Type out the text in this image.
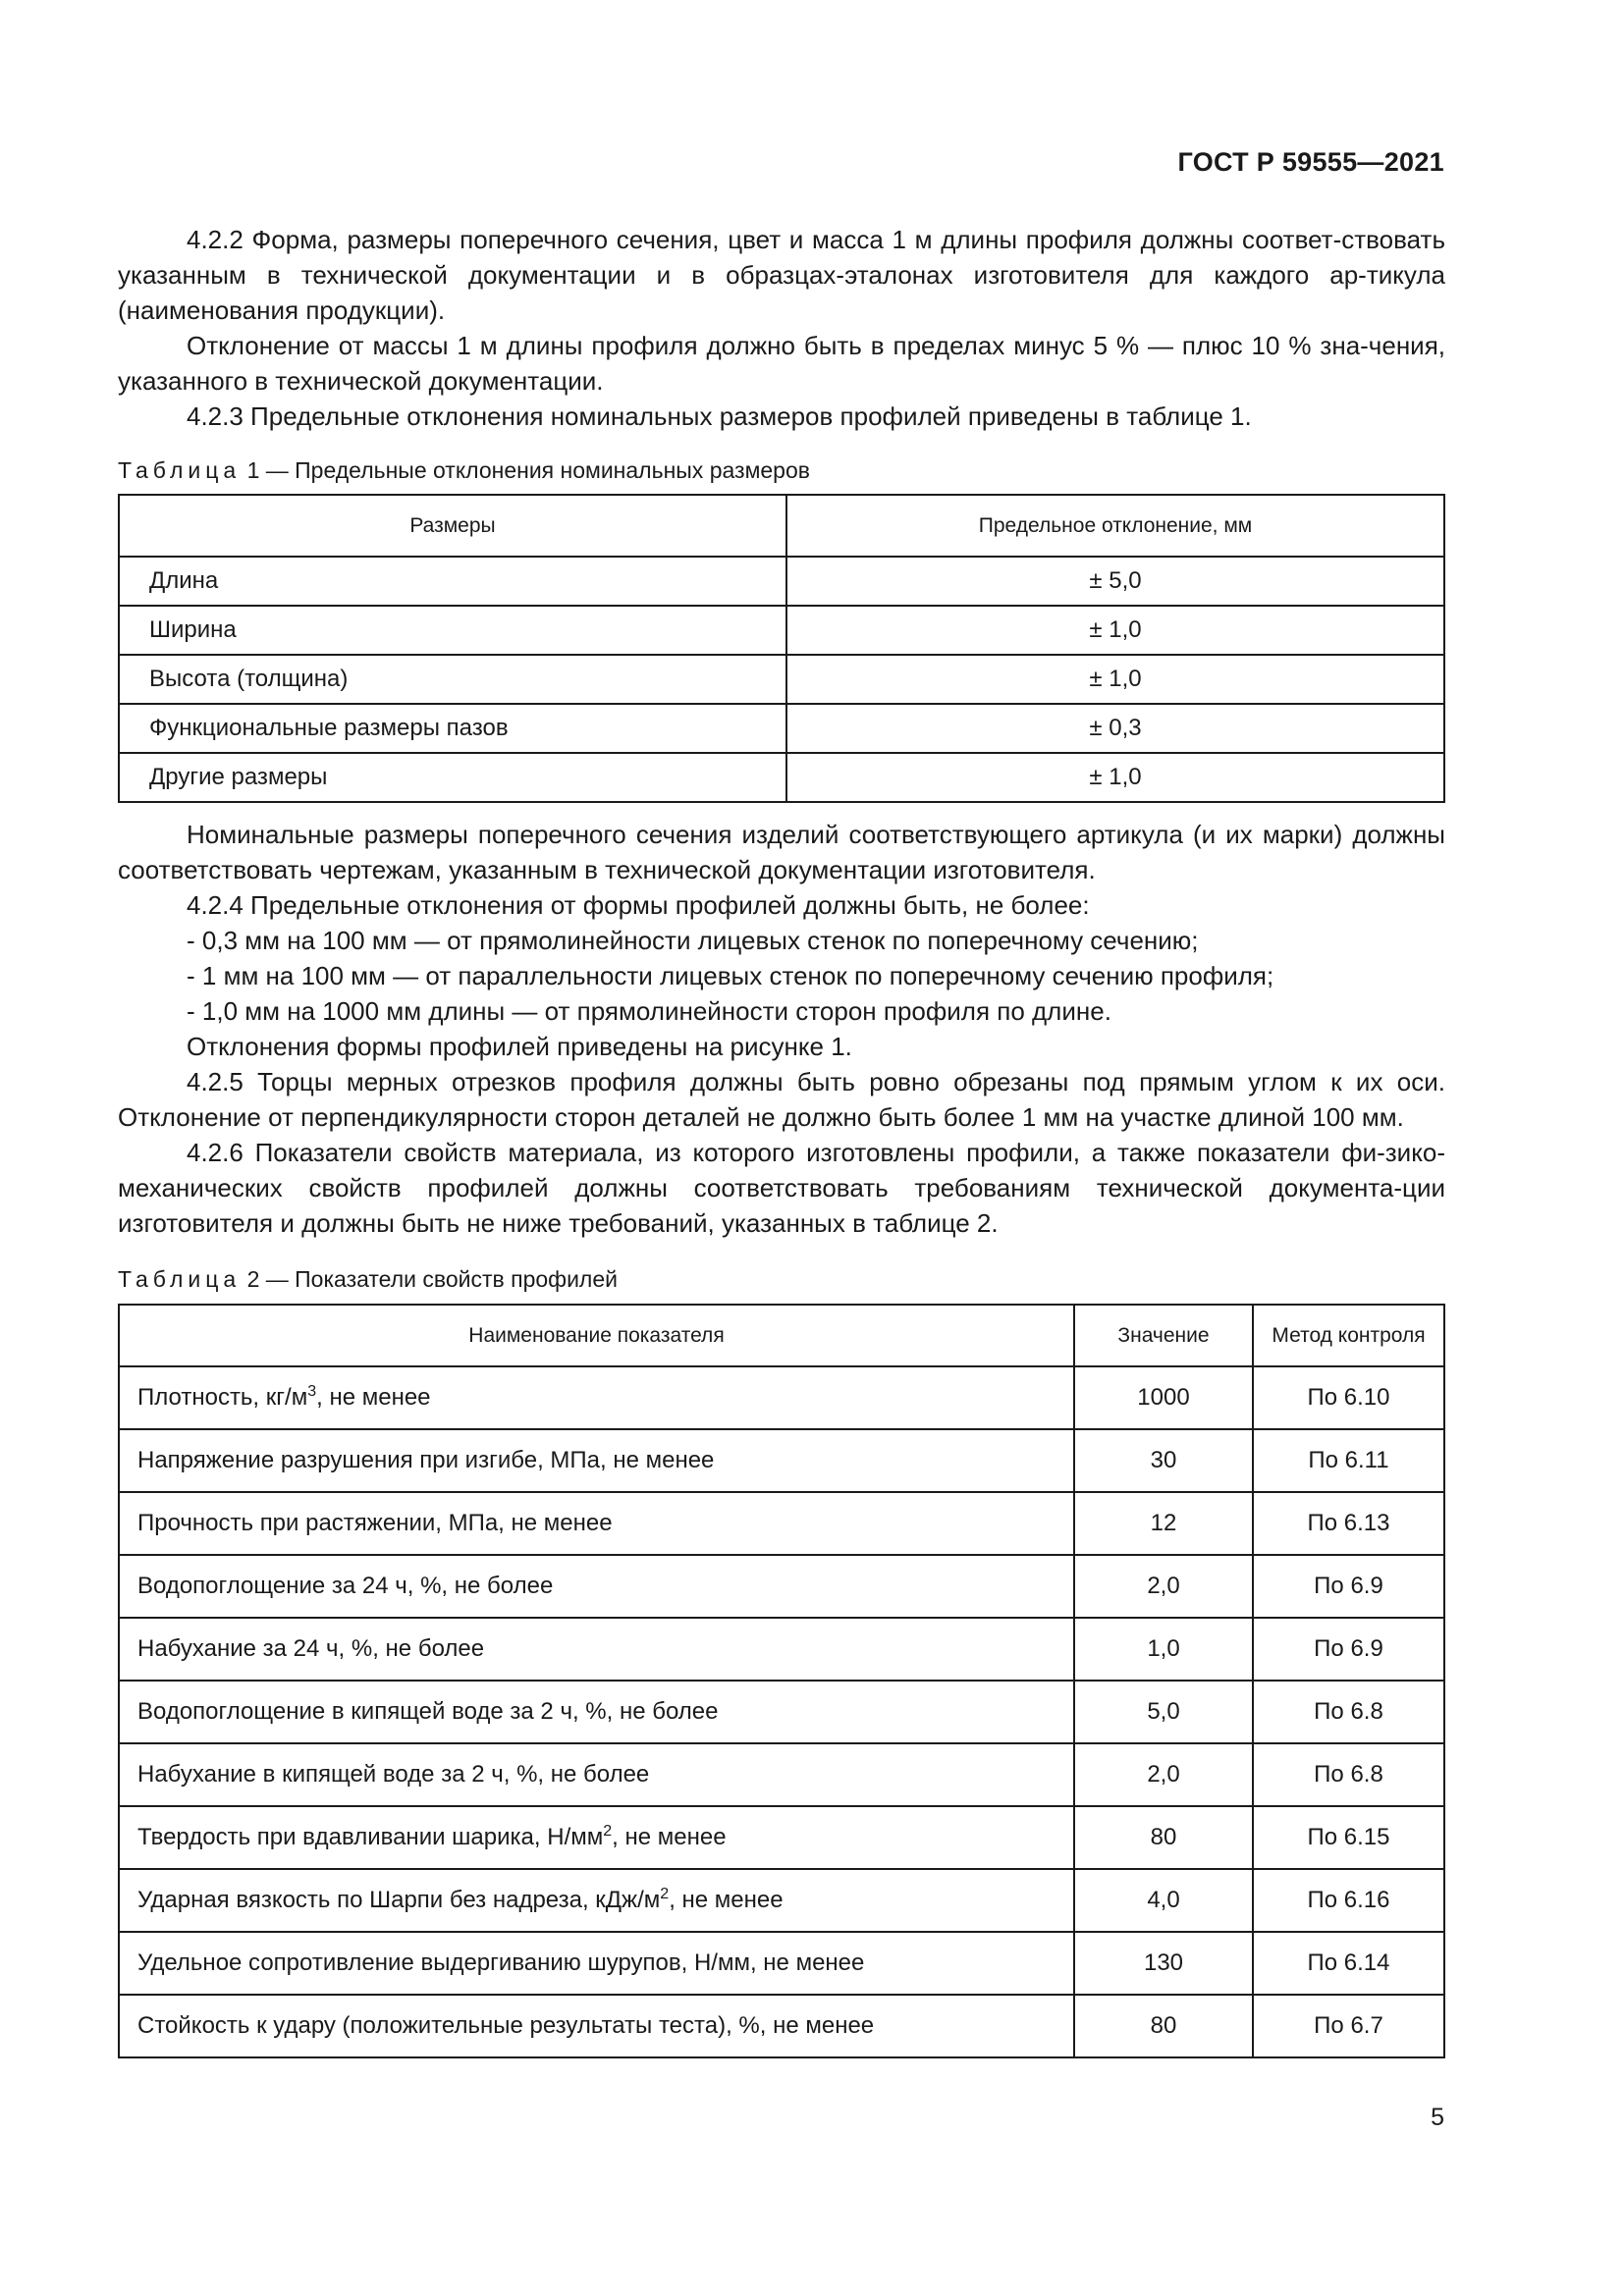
ГОСТ Р 59555—2021

4.2.2 Форма, размеры поперечного сечения, цвет и масса 1 м длины профиля должны соответ-ствовать указанным в технической документации и в образцах-эталонах изготовителя для каждого ар-тикула (наименования продукции).

Отклонение от массы 1 м длины профиля должно быть в пределах минус 5 % — плюс 10 % зна-чения, указанного в технической документации.

4.2.3 Предельные отклонения номинальных размеров профилей приведены в таблице 1.

Таблица 1 — Предельные отклонения номинальных размеров

Размеры	Предельное отклонение, мм
Длина	± 5,0
Ширина	± 1,0
Высота (толщина)	± 1,0
Функциональные размеры пазов	± 0,3
Другие размеры	± 1,0

Номинальные размеры поперечного сечения изделий соответствующего артикула (и их марки) должны соответствовать чертежам, указанным в технической документации изготовителя.

4.2.4 Предельные отклонения от формы профилей должны быть, не более:

- 0,3 мм на 100 мм — от прямолинейности лицевых стенок по поперечному сечению;

- 1 мм на 100 мм — от параллельности лицевых стенок по поперечному сечению профиля;

- 1,0 мм на 1000 мм длины — от прямолинейности сторон профиля по длине.

Отклонения формы профилей приведены на рисунке 1.

4.2.5 Торцы мерных отрезков профиля должны быть ровно обрезаны под прямым углом к их оси. Отклонение от перпендикулярности сторон деталей не должно быть более 1 мм на участке длиной 100 мм.

4.2.6 Показатели свойств материала, из которого изготовлены профили, а также показатели фи-зико-механических свойств профилей должны соответствовать требованиям технической документа-ции изготовителя и должны быть не ниже требований, указанных в таблице 2.

Таблица 2 — Показатели свойств профилей

Наименование показателя	Значение	Метод контроля
Плотность, $кг/м^3$, не менее	1000	По 6.10
Напряжение разрушения при изгибе, МПа, не менее	30	По 6.11
Прочность при растяжении, МПа, не менее	12	По 6.13
Водопоглощение за 24 ч, %, не более	2,0	По 6.9
Набухание за 24 ч, %, не более	1,0	По 6.9
Водопоглощение в кипящей воде за 2 ч, %, не более	5,0	По 6.8
Набухание в кипящей воде за 2 ч, %, не более	2,0	По 6.8
Твердость при вдавливании шарика, $Н/мм^2$, не менее	80	По 6.15
Ударная вязкость по Шарпи без надреза, кДж/$м^2$, не менее	4,0	По 6.16
Удельное сопротивление выдергиванию шурупов, Н/мм, не менее	130	По 6.14
Стойкость к удару (положительные результаты теста), %, не менее	80	По 6.7
5
